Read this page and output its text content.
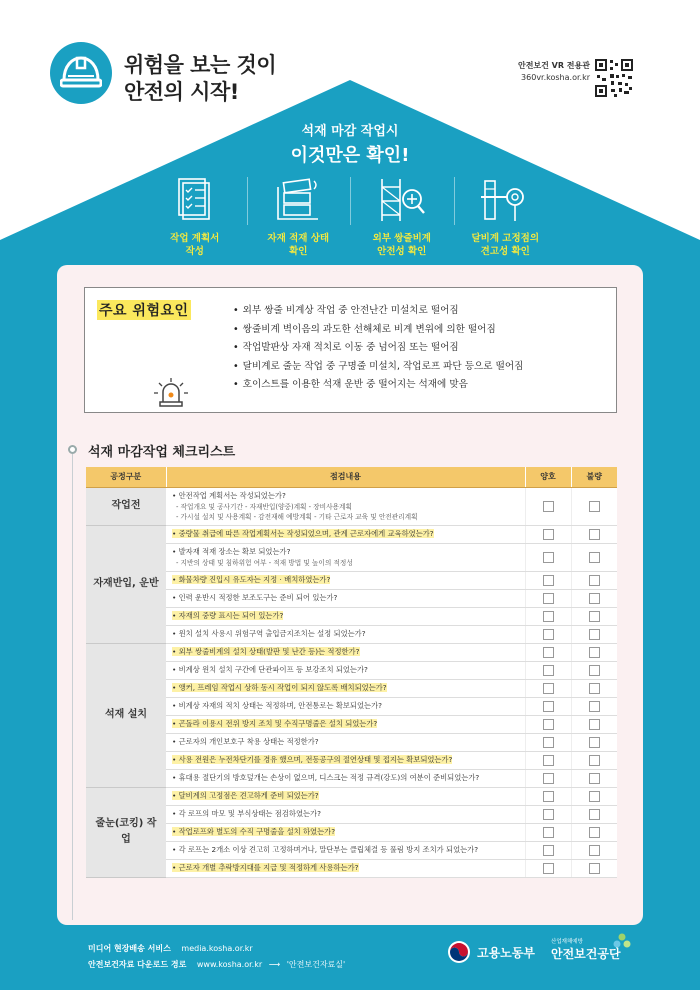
위험을 보는 것이
안전의 시작!
안전보건 VR 전용관
360vr.kosha.or.kr
석재 마감 작업시
이것만은 확인!
작업 계획서
작성
자재 적재 상태
확인
외부 쌍줄비계
안전성 확인
달비계 고정점의
견고성 확인
주요 위험요인	• 외부 쌍줄 비계상 작업 중 안전난간 미설치로 떨어짐
• 쌍줄비계 벽이음의 과도한 선해체로 비계 변위에 의한 떨어짐
• 작업발판상 자재 적치로 이동 중 넘어짐 또는 떨어짐
• 달비계로 줄눈 작업 중 구명줄 미설치, 작업로프 파단 등으로 떨어짐
• 호이스트를 이용한 석재 운반 중 떨어지는 석재에 맞음
석재 마감작업 체크리스트
공정구분	점검내용	양호	불량
작업전	• 안전작업 계획서는 작성되었는가?
- 작업개요 및 공사기간 - 자재반입(양중)계획 - 장비사용계획
- 가시설 설치 및 사용계획 - 감전재해 예방계획 - 기타 근로자 교육 및 안전관리계획		

자재반입, 운반	• 중량물 취급에 따른 작업계획서는 작성되었으며, 관계 근로자에게 교육하였는가?		
	• 발자재 적재 장소는 확보 되었는가?
- 지반의 상태 및 침하위험 여부 - 적재 방법 및 높이의 적정성		

	• 화물차량 진입시 유도자는 지정 · 배치하였는가?		
	• 인력 운반시 적정한 보조도구는 준비 되어 있는가?		
	• 자재의 중량 표시는 되어 있는가?		
	• 윈치 설치 사용시 위험구역 출입금지조치는 설정 되었는가?		
석재 설치	• 외부 쌍줄비계의 설치 상태(발판 및 난간 등)는 적정한가?		
	• 비계상 윈치 설치 구간에 단관파이프 등 보강조치 되었는가?		
	• 앵커, 프레임 작업시 상하 동시 작업이 되지 않도록 배치되었는가?		
	• 비계상 자재의 적치 상태는 적정하며, 안전통로는 확보되었는가?		
	• 곤돌라 이용시 전위 방지 조치 및 수직구명줄은 설치 되었는가?		
	• 근로자의 개인보호구 착용 상태는 적정한가?		
	• 사용 전원은 누전차단기를 경유 했으며, 전동공구의 절연상태 및 접지는 확보되었는가?		
	• 휴대용 절단기의 방호덮개는 손상이 없으며, 디스크는 적정 규격(강도)의 여분이 준비되었는가?		
줄눈(코킹) 작업	• 달비계의 고정점은 견고하게 준비 되었는가?		
	• 각 로프의 마모 및 부식상태는 점검하였는가?		
	• 작업로프와 별도의 수직 구명줄을 설치 하였는가?		
	• 각 로프는 2개소 이상 견고히 고정하며거나, 말단부는 클립체결 등 풀림 방지 조치가 되었는가?		
	• 근로자 개별 추락방지대를 지급 및 적정하게 사용하는가?		
미디어 현장배송 서비스 media.kosha.or.kr
안전보건자료 다운로드 경로 www.kosha.or.kr ⟶ '안전보건자료실'
고용노동부
산업재해예방
안전보건공단
